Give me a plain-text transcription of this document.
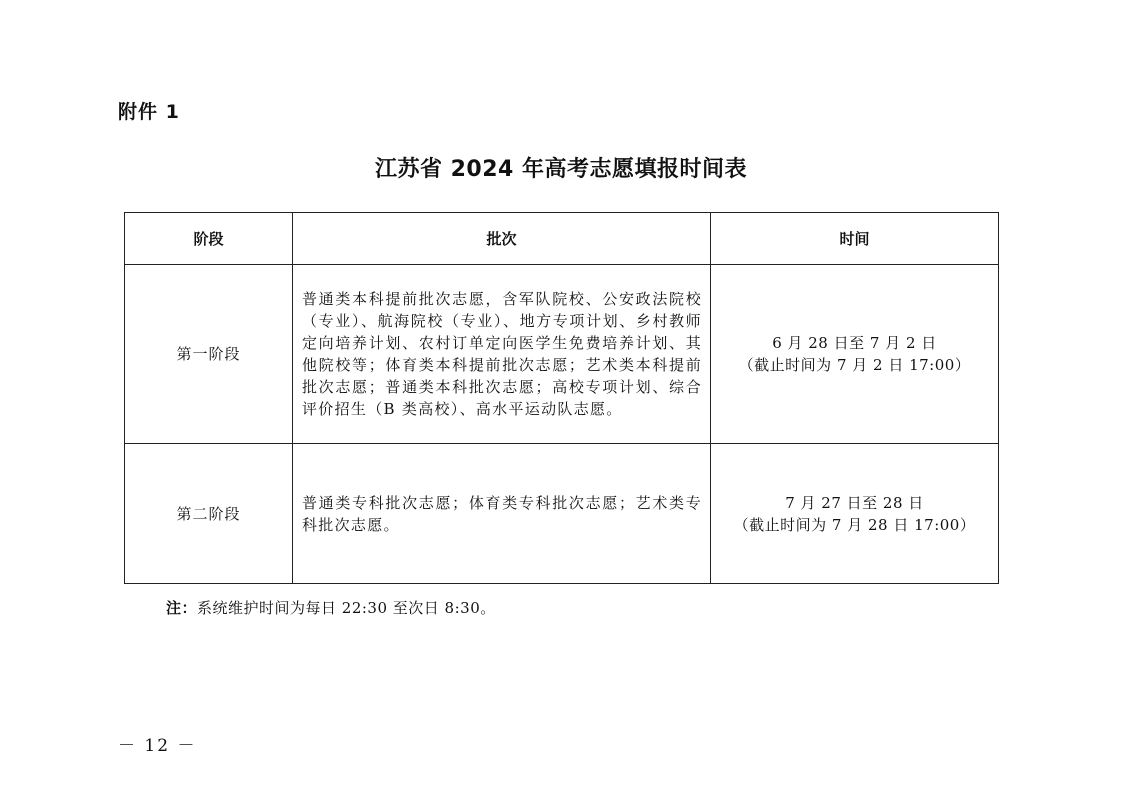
附件 1
江苏省 2024 年高考志愿填报时间表
阶段	批次	时间
第一阶段	普通类本科提前批次志愿，含军队院校、公安政法院校（专业）、航海院校（专业）、地方专项计划、乡村教师定向培养计划、农村订单定向医学生免费培养计划、其他院校等；体育类本科提前批次志愿；艺术类本科提前批次志愿；普通类本科批次志愿；高校专项计划、综合评价招生（B 类高校）、高水平运动队志愿。	6 月 28 日至 7 月 2 日
（截止时间为 7 月 2 日 17:00）

第二阶段	普通类专科批次志愿；体育类专科批次志愿；艺术类专科批次志愿。	7 月 27 日至 28 日
（截止时间为 7 月 28 日 17:00）
注：系统维护时间为每日 22:30 至次日 8:30。
－ 12 －
